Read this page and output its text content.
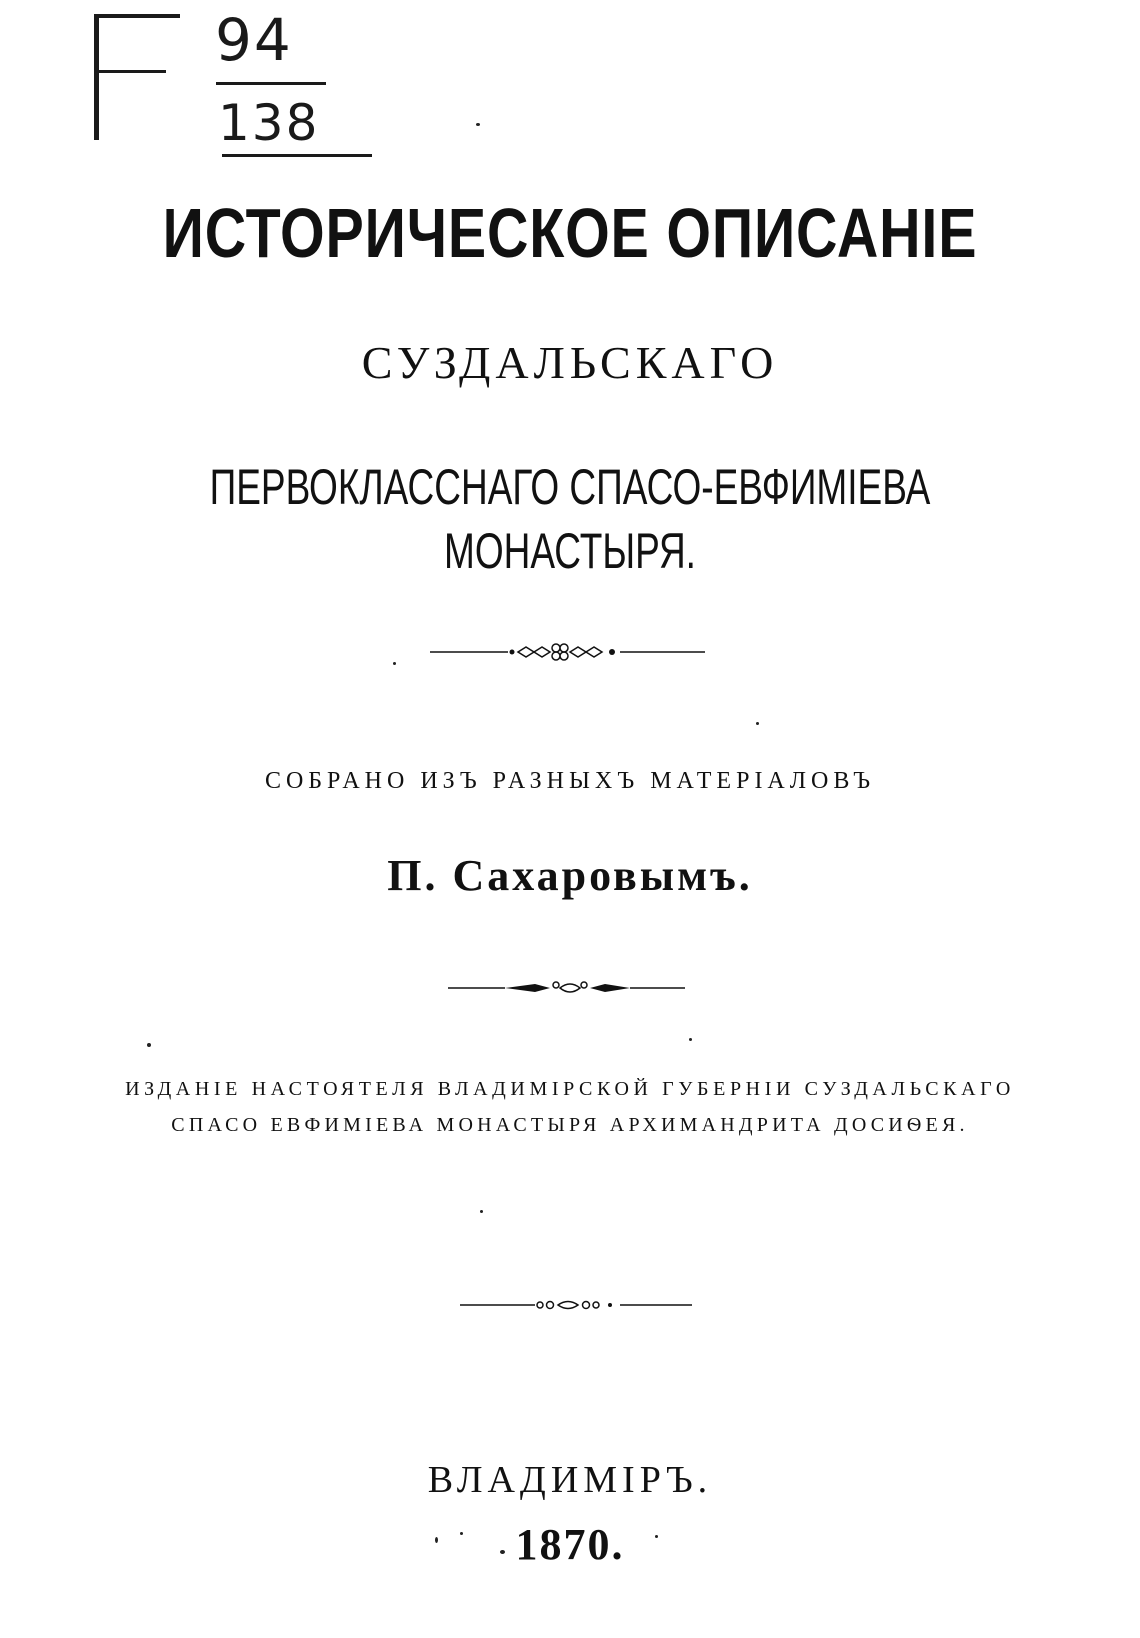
94
138
ИСТОРИЧЕСКОЕ ОПИСАНІЕ
СУЗДАЛЬСКАГО
ПЕРВОКЛАССНАГО СПАСО-ЕВФИМІЕВА МОНАСТЫРЯ.
СОБРАНО ИЗЪ РАЗНЫХЪ МАТЕРІАЛОВЪ
П. Сахаровымъ.
ИЗДАНІЕ НАСТОЯТЕЛЯ ВЛАДИМІРСКОЙ ГУБЕРНІИ СУЗДАЛЬСКАГО
СПАСО ЕВФИМІЕВА МОНАСТЫРЯ АРХИМАНДРИТА ДОСИѲЕЯ.
ВЛАДИМІРЪ.
1870.
